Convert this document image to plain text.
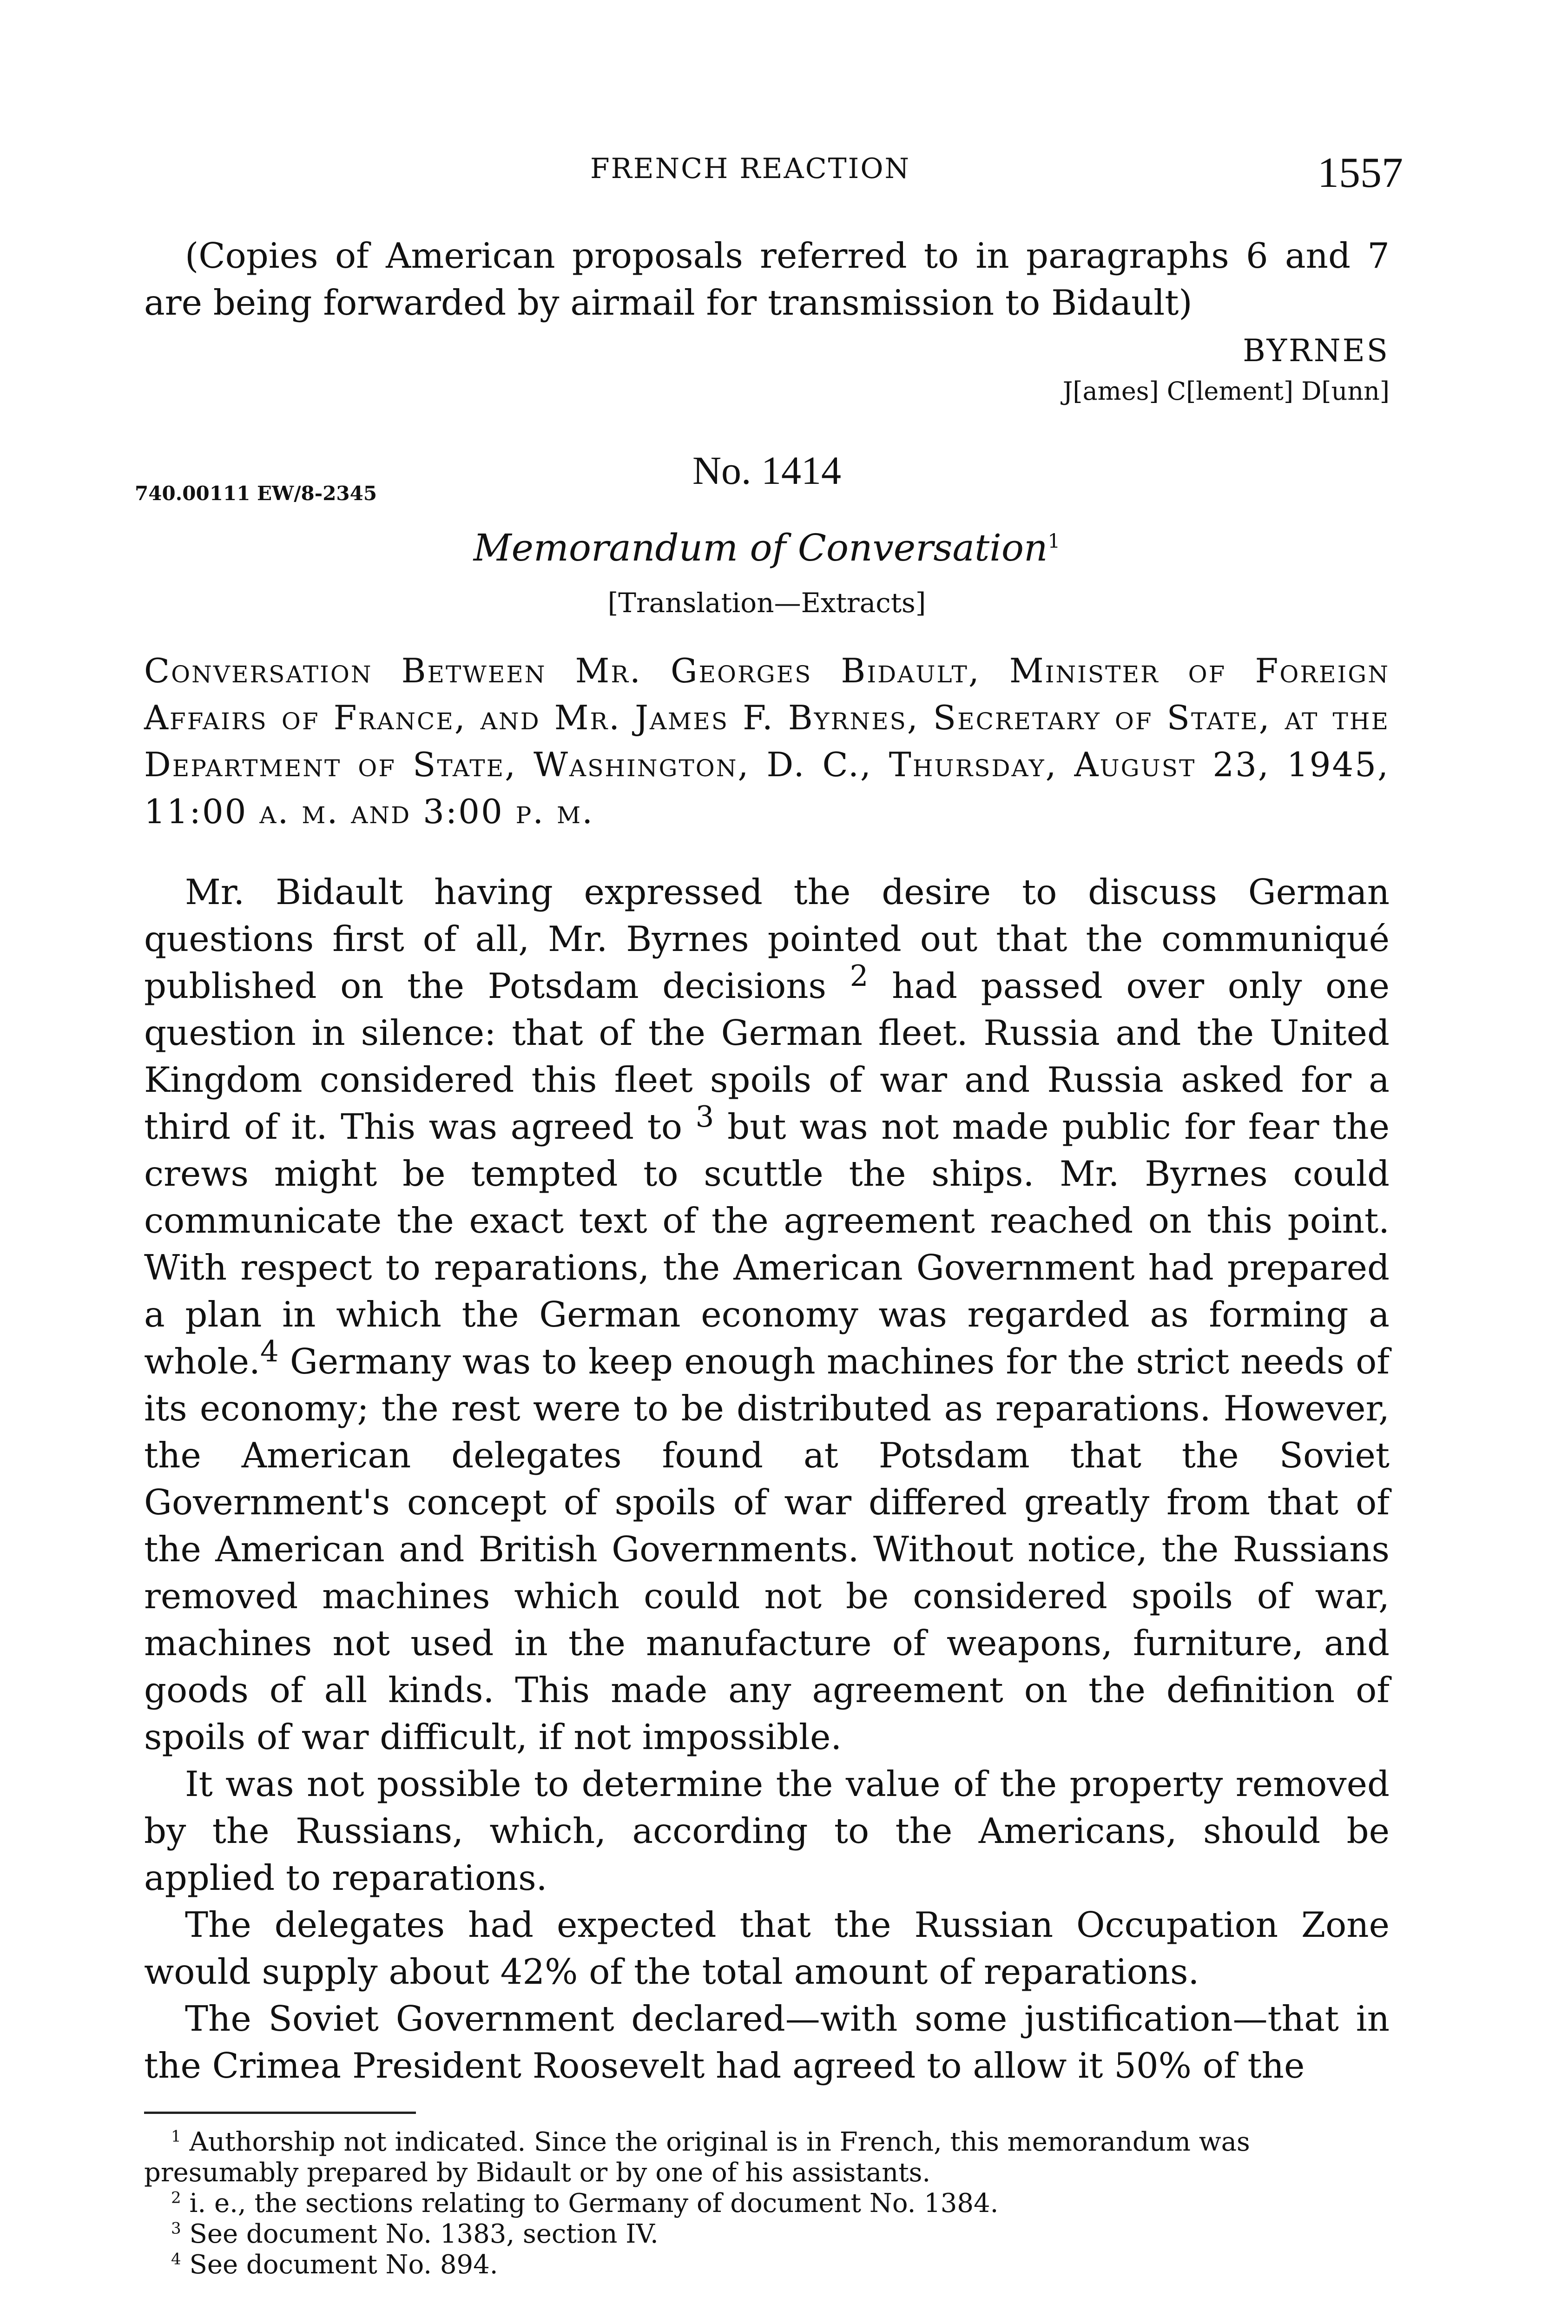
FRENCH REACTION	1557

(Copies of American proposals referred to in paragraphs 6 and 7 are being forwarded by airmail for transmission to Bidault)

BYRNES
J[ames] C[lement] D[unn]
No. 1414
740.00111 EW/8-2345
Memorandum of Conversation$^1$
[Translation—Extracts]

Conversation Between Mr. Georges Bidault, Minister of Foreign Affairs of France, and Mr. James F. Byrnes, Secretary of State, at the Department of State, Washington, D. C., Thursday, August 23, 1945, 11:00 a. m. and 3:00 p. m.

Mr. Bidault having expressed the desire to discuss German questions first of all, Mr. Byrnes pointed out that the communiqué published on the Potsdam decisions $^2$ had passed over only one question in silence: that of the German fleet. Russia and the United Kingdom considered this fleet spoils of war and Russia asked for a third of it. This was agreed to $^3$ but was not made public for fear the crews might be tempted to scuttle the ships. Mr. Byrnes could communicate the exact text of the agreement reached on this point. With respect to reparations, the American Government had prepared a plan in which the German economy was regarded as forming a whole.$^4$ Germany was to keep enough machines for the strict needs of its economy; the rest were to be distributed as reparations. However, the American delegates found at Potsdam that the Soviet Government's concept of spoils of war differed greatly from that of the American and British Governments. Without notice, the Russians removed machines which could not be considered spoils of war, machines not used in the manufacture of weapons, furniture, and goods of all kinds. This made any agreement on the definition of spoils of war difficult, if not impossible.

It was not possible to determine the value of the property removed by the Russians, which, according to the Americans, should be applied to reparations.

The delegates had expected that the Russian Occupation Zone would supply about 42% of the total amount of reparations.

The Soviet Government declared—with some justification—that in the Crimea President Roosevelt had agreed to allow it 50% of the

$^1$ Authorship not indicated. Since the original is in French, this memorandum was presumably prepared by Bidault or by one of his assistants.

$^2$ i. e., the sections relating to Germany of document No. 1384.

$^3$ See document No. 1383, section IV.

$^4$ See document No. 894.
